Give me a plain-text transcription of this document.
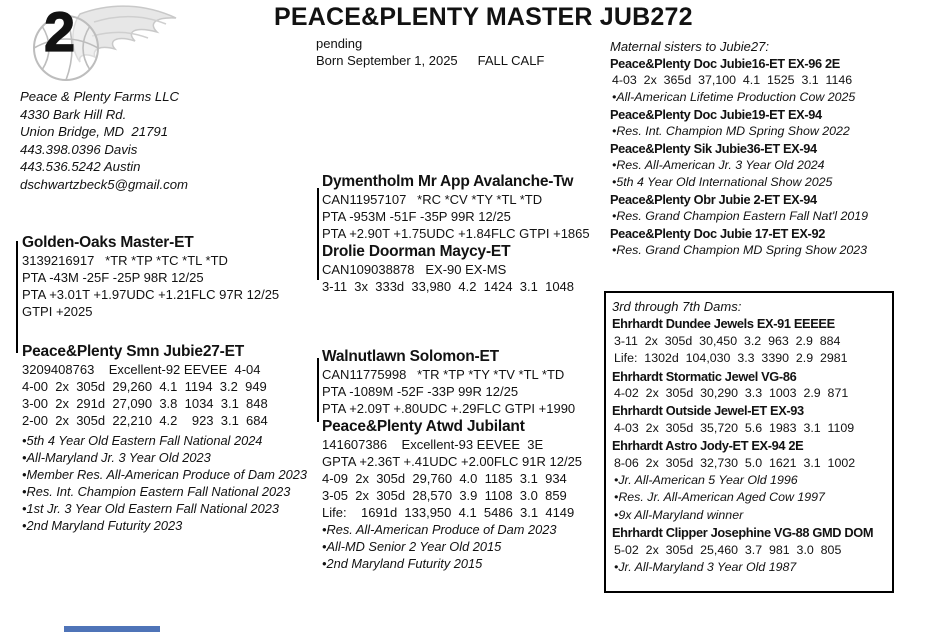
2	PEACE&PLENTY MASTER JUB272
pending
Born September 1, 2025 FALL CALF
Peace & Plenty Farms LLC
4330 Bark Hill Rd.
Union Bridge, MD  21791
443.398.0396 Davis
443.536.5242 Austin
dschwartzbeck5@gmail.com
Golden-Oaks Master-ET
3139216917   *TR *TP *TC *TL *TD
PTA -43M -25F -25P 98R 12/25
PTA +3.01T +1.97UDC +1.21FLC 97R 12/25
GTPI +2025
Peace&Plenty Smn Jubie27-ET
3209408763    Excellent-92 EEVEE  4-04
4-00  2x  305d  29,260  4.1  1194  3.2  949
3-00  2x  291d  27,090  3.8  1034  3.1  848
2-00  2x  305d  22,210  4.2    923  3.1  684
•5th 4 Year Old Eastern Fall National 2024
•All-Maryland Jr. 3 Year Old 2023
•Member Res. All-American Produce of Dam 2023
•Res. Int. Champion Eastern Fall National 2023
•1st Jr. 3 Year Old Eastern Fall National 2023
•2nd Maryland Futurity 2023
Dymentholm Mr App Avalanche-Tw
CAN11957107   *RC *CV *TY *TL *TD
PTA -953M -51F -35P 99R 12/25
PTA +2.90T +1.75UDC +1.84FLC GTPI +1865
Drolie Doorman Maycy-ET
CAN109038878   EX-90 EX-MS
3-11  3x  333d  33,980  4.2  1424  3.1  1048
Walnutlawn Solomon-ET
CAN11775998   *TR *TP *TY *TV *TL *TD
PTA -1089M -52F -33P 99R 12/25
PTA +2.09T +.80UDC +.29FLC GTPI +1990
Peace&Plenty Atwd Jubilant
141607386    Excellent-93 EEVEE  3E
GPTA +2.36T +.41UDC +2.00FLC 91R 12/25
4-09  2x  305d  29,760  4.0  1185  3.1  934
3-05  2x  305d  28,570  3.9  1108  3.0  859
Life:    1691d  133,950  4.1  5486  3.1  4149
•Res. All-American Produce of Dam 2023
•All-MD Senior 2 Year Old 2015
•2nd Maryland Futurity 2015
Maternal sisters to Jubie27:
Peace&Plenty Doc Jubie16-ET EX-96 2E
4-03  2x  365d  37,100  4.1  1525  3.1  1146
•All-American Lifetime Production Cow 2025
Peace&Plenty Doc Jubie19-ET EX-94
•Res. Int. Champion MD Spring Show 2022
Peace&Plenty Sik Jubie36-ET EX-94
•Res. All-American Jr. 3 Year Old 2024
•5th 4 Year Old International Show 2025
Peace&Plenty Obr Jubie 2-ET EX-94
•Res. Grand Champion Eastern Fall Nat'l 2019
Peace&Plenty Doc Jubie 17-ET EX-92
•Res. Grand Champion MD Spring Show 2023
3rd through 7th Dams:
Ehrhardt Dundee Jewels EX-91 EEEEE
3-11  2x  305d  30,450  3.2  963  2.9  884
Life:  1302d  104,030  3.3  3390  2.9  2981
Ehrhardt Stormatic Jewel VG-86
4-02  2x  305d  30,290  3.3  1003  2.9  871
Ehrhardt Outside Jewel-ET EX-93
4-03  2x  305d  35,720  5.6  1983  3.1  1109
Ehrhardt Astro Jody-ET EX-94 2E
8-06  2x  305d  32,730  5.0  1621  3.1  1002
•Jr. All-American 5 Year Old 1996
•Res. Jr. All-American Aged Cow 1997
•9x All-Maryland winner
Ehrhardt Clipper Josephine VG-88 GMD DOM
5-02  2x  305d  25,460  3.7  981  3.0  805
•Jr. All-Maryland 3 Year Old 1987
